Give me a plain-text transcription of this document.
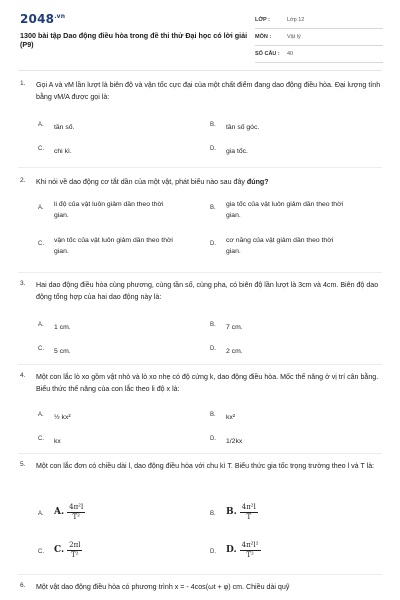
$2048^{.vn}$
1300 bài tập Dao động điều hòa trong đề thi thử Đại học có lời giải (P9)
LỚP :	Lớp 12
MÔN :	Vật lý
SỐ CÂU : 40
1. Gọi A và vM lần lượt là biên độ và vận tốc cực đại của một chất điểm đang dao động điều hòa. Đại lượng tính bằng vM/A được gọi là:
A. tần số.	B. tần số góc.
C. chi kì.	D. gia tốc.
2. Khi nói về dao động cơ tắt dần của một vật, phát biểu nào sau đây đúng?
A. li độ của vật luôn giảm dần theo thời gian.
B. gia tốc của vật luôn giảm dần theo thời gian.
C. vận tốc của vật luôn giảm dần theo thời gian.
D. cơ năng của vật giảm dần theo thời gian.
3. Hai dao động điều hòa cùng phương, cùng tần số, cùng pha, có biên độ lần lượt là 3cm và 4cm. Biên độ dao động tổng hợp của hai dao động này là:
A. 1 cm.	B. 7 cm.
C. 5 cm.	D. 2 cm.
4. Một con lắc lò xo gồm vật nhỏ và lò xo nhẹ có độ cứng k, dao động điều hòa. Mốc thế năng ở vị trí cân bằng. Biểu thức thế năng của con lắc theo li độ x là:
A. ½ kx²	B. kx²
C. kx	D. 1/2kx
5. Một con lắc đơn có chiều dài l, dao động điều hòa với chu kì T. Biểu thức gia tốc trọng trường theo l và T là:
A. A. $\frac{\text{4π²l}}{\text{T²}}$	B. B. $\frac{\text{4π²l}}{T}$
C. C. $\frac{2\pi l}{\text{T²}}$	D. D. $\frac{\text{4π²l²}}{\text{T²}}$
6. Một vật dao động điều hòa có phương trình x = - 4cos(ωt + φ) cm. Chiều dài quỹ
